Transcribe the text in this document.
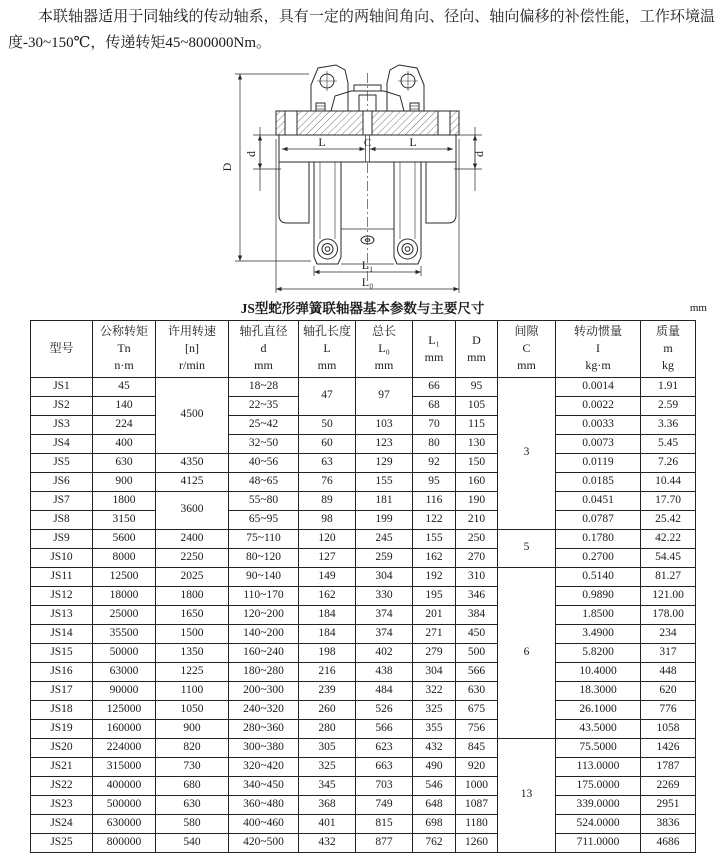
本联轴器适用于同轴线的传动轴系，具有一定的两轴间角向、径向、轴向偏移的补偿性能，工作环境温度-30~150℃，传递转矩45~800000Nm。

D
d
L	C	L
d
L₁
L₀
JS型蛇形弹簧联轴器基本参数与主要尺寸	mm
型号	公称转矩
Tn
n·m	许用转速
[n]
r/min	轴孔直径
d
mm	轴孔长度
L
mm	总长
L₀
mm	L₁
mm	D
mm	间隙
C
mm	转动惯量
I
kg·m	质量
m
kg

JS1	45	4500	18~28	47	97	66	95	3	0.0014	1.91
JS2	140		22~35			68	105		0.0022	2.59
JS3	224		25~42	50	103	70	115		0.0033	3.36
JS4	400		32~50	60	123	80	130		0.0073	5.45
JS5	630	4350	40~56	63	129	92	150		0.0119	7.26
JS6	900	4125	48~65	76	155	95	160		0.0185	10.44
JS7	1800	3600	55~80	89	181	116	190		0.0451	17.70
JS8	3150		65~95	98	199	122	210		0.0787	25.42
JS9	5600	2400	75~110	120	245	155	250	5	0.1780	42.22
JS10	8000	2250	80~120	127	259	162	270		0.2700	54.45
JS11	12500	2025	90~140	149	304	192	310	6	0.5140	81.27
JS12	18000	1800	110~170	162	330	195	346		0.9890	121.00
JS13	25000	1650	120~200	184	374	201	384		1.8500	178.00
JS14	35500	1500	140~200	184	374	271	450		3.4900	234
JS15	50000	1350	160~240	198	402	279	500		5.8200	317
JS16	63000	1225	180~280	216	438	304	566		10.4000	448
JS17	90000	1100	200~300	239	484	322	630		18.3000	620
JS18	125000	1050	240~320	260	526	325	675		26.1000	776
JS19	160000	900	280~360	280	566	355	756		43.5000	1058
JS20	224000	820	300~380	305	623	432	845	13	75.5000	1426
JS21	315000	730	320~420	325	663	490	920		113.0000	1787
JS22	400000	680	340~450	345	703	546	1000		175.0000	2269
JS23	500000	630	360~480	368	749	648	1087		339.0000	2951
JS24	630000	580	400~460	401	815	698	1180		524.0000	3836
JS25	800000	540	420~500	432	877	762	1260		711.0000	4686
